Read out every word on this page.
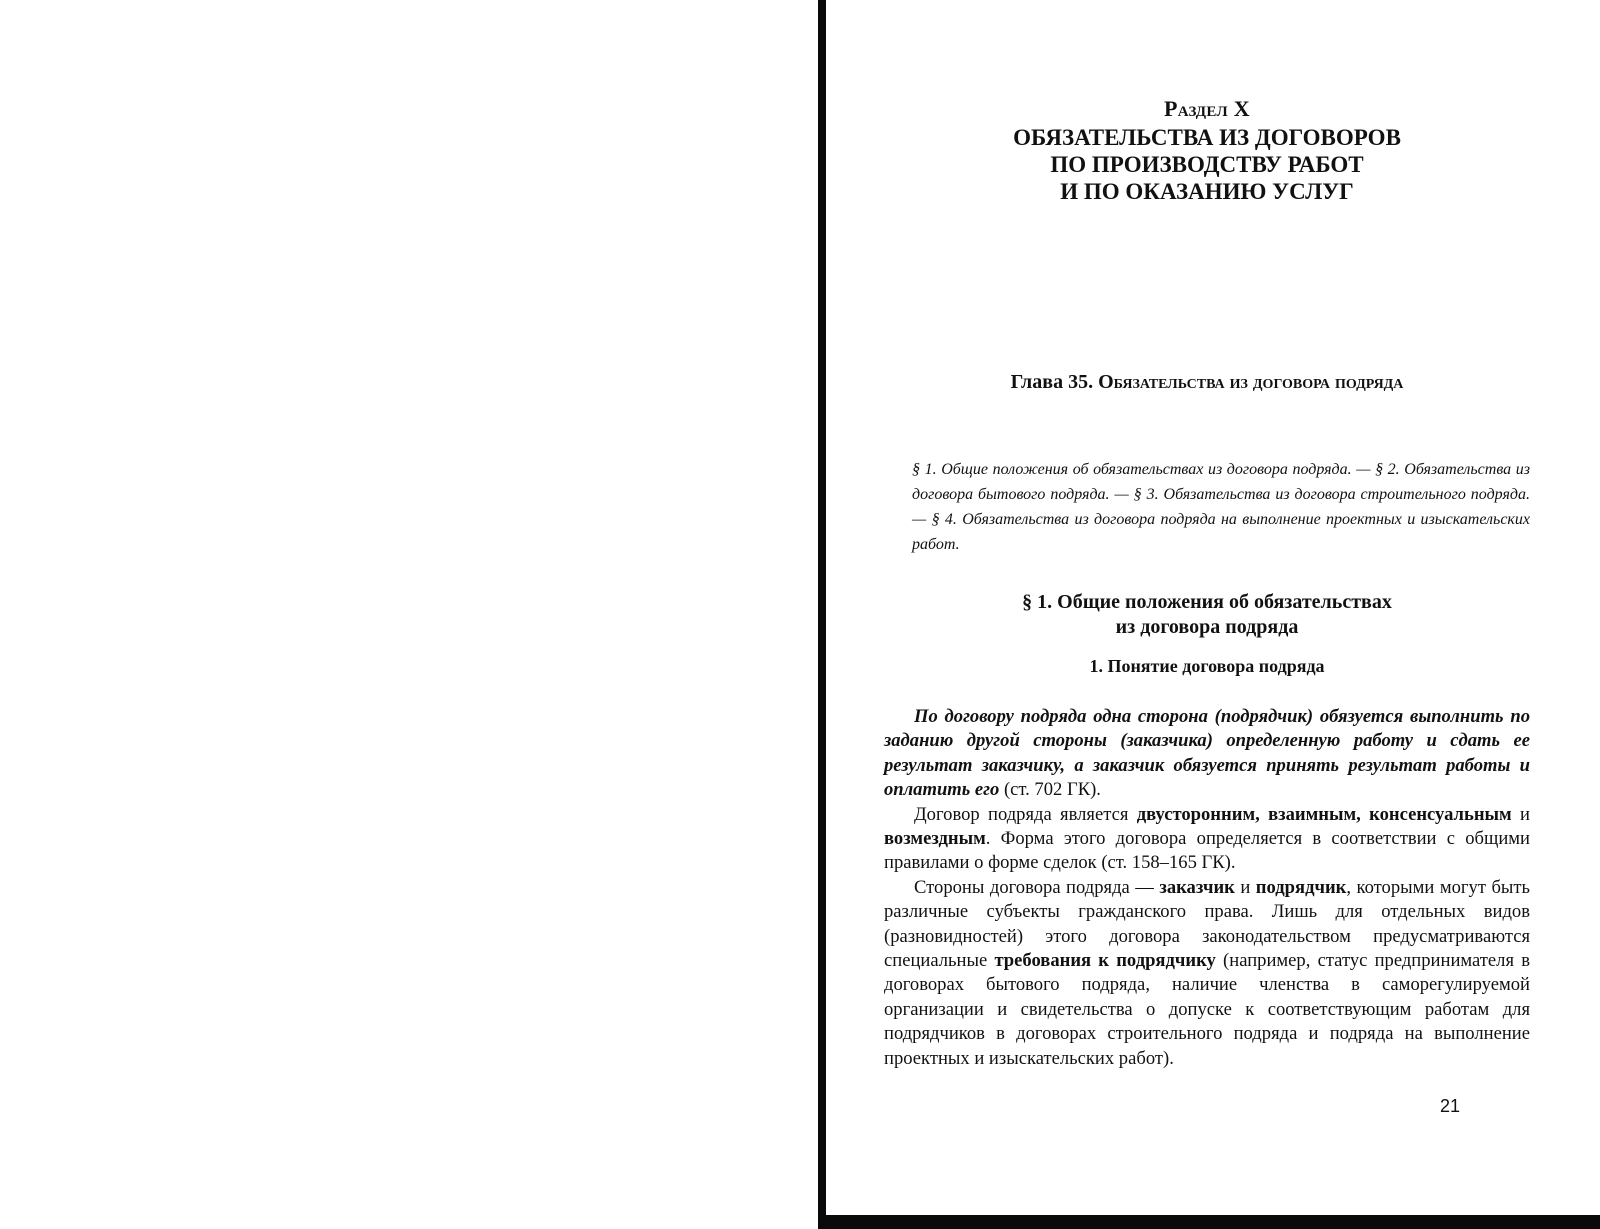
Раздел X

ОБЯЗАТЕЛЬСТВА ИЗ ДОГОВОРОВ

ПО ПРОИЗВОДСТВУ РАБОТ

И ПО ОКАЗАНИЮ УСЛУГ

Глава 35. Обязательства из договора подряда

§ 1. Общие положения об обязательствах из договора подряда. — § 2. Обязательства из договора бытового подряда. — § 3. Обязательства из договора строительного подряда. — § 4. Обязательства из договора подряда на выполнение проектных и изыскательских работ.

§ 1. Общие положения об обязательствах
из договора подряда

1. Понятие договора подряда

По договору подряда одна сторона (подрядчик) обязуется выполнить по заданию другой стороны (заказчика) определенную работу и сдать ее результат заказчику, а заказчик обязуется принять результат работы и оплатить его (ст. 702 ГК).

Договор подряда является двусторонним, взаимным, консенсуальным и возмездным. Форма этого договора определяется в соответствии с общими правилами о форме сделок (ст. 158–165 ГК).

Стороны договора подряда — заказчик и подрядчик, которыми могут быть различные субъекты гражданского права. Лишь для отдельных видов (разновидностей) этого договора законодательством предусматриваются специальные требования к подрядчику (например, статус предпринимателя в договорах бытового подряда, наличие членства в саморегулируемой организации и свидетельства о допуске к соответствующим работам для подрядчиков в договорах строительного подряда и подряда на выполнение проектных и изыскательских работ).

21
